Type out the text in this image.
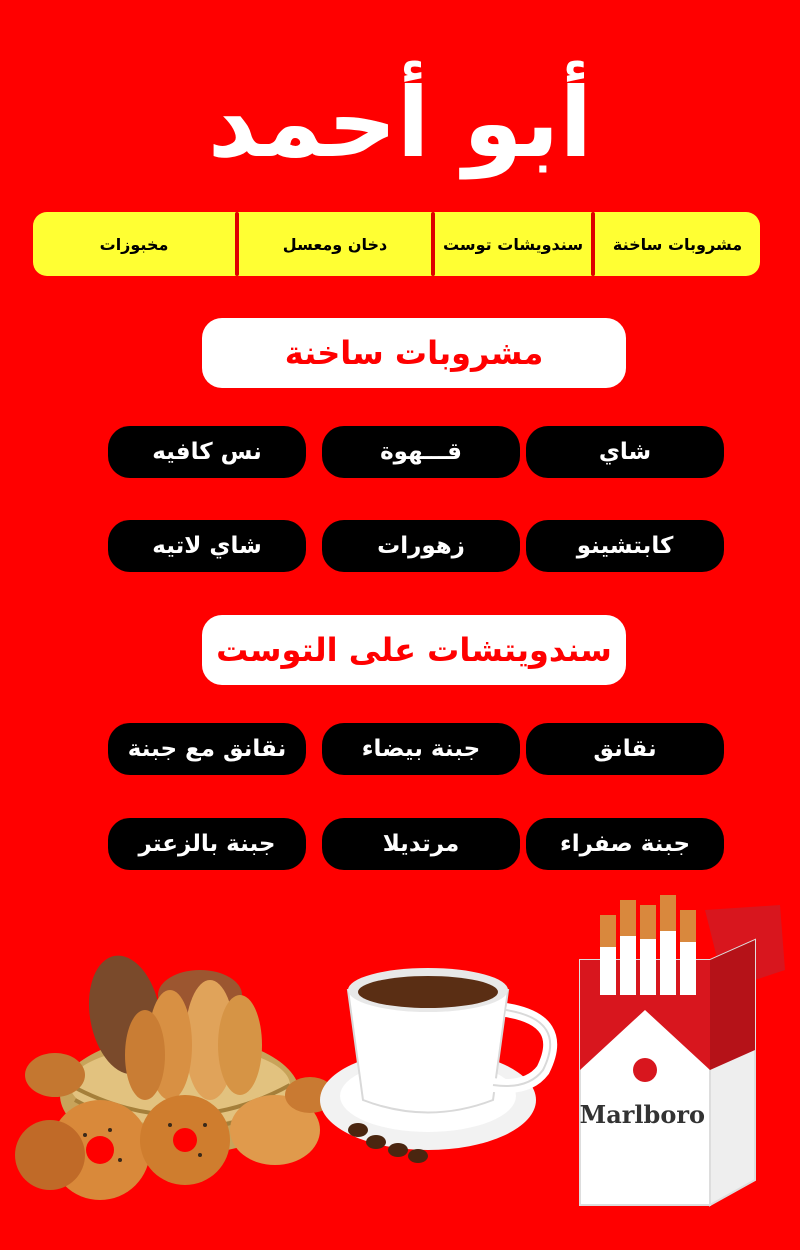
أبو أحمد
مشروبات ساخنة
سندويشات توست
دخان ومعسل
مخبوزات
مشروبات ساخنة
شاي
قـــهوة
نس كافيه
كابتشينو
زهورات
شاي لاتيه
سندويتشات على التوست
نقانق
جبنة بيضاء
نقانق مع جبنة
جبنة صفراء
مرتديلا
جبنة بالزعتر
Marlboro
